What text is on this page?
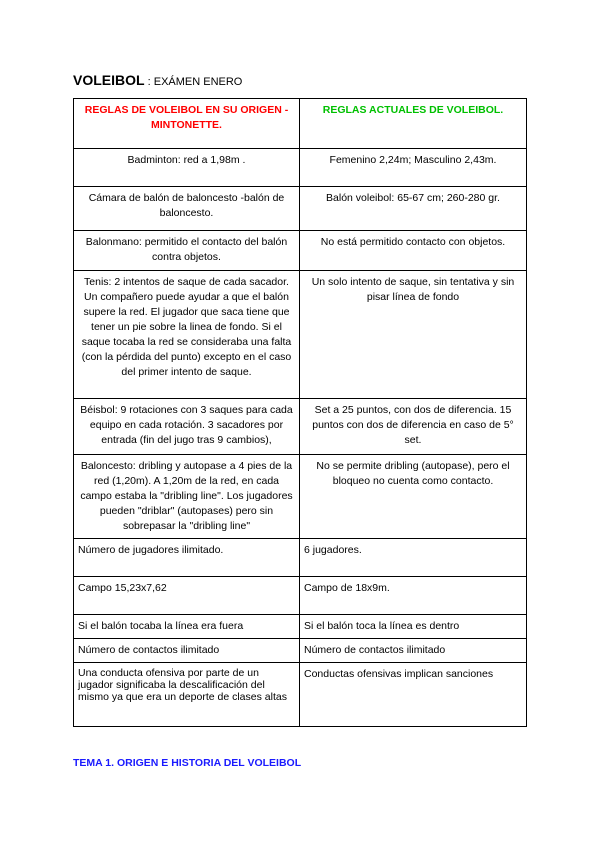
VOLEIBOL : EXÁMEN ENERO
REGLAS DE VOLEIBOL EN SU ORIGEN - MINTONETTE.	REGLAS ACTUALES DE VOLEIBOL.
Badminton: red a 1,98m .	Femenino 2,24m; Masculino 2,43m.
Cámara de balón de baloncesto -balón de baloncesto.	Balón voleibol: 65-67 cm; 260-280 gr.
Balonmano: permitido el contacto del balón contra objetos.	No está permitido contacto con objetos.
Tenis: 2 intentos de saque de cada sacador. Un compañero puede ayudar a que el balón supere la red. El jugador que saca tiene que tener un pie sobre la linea de fondo. Si el saque tocaba la red se consideraba una falta (con la pérdida del punto) excepto en el caso del primer intento de saque.	Un solo intento de saque, sin tentativa y sin pisar línea de fondo
Béisbol: 9 rotaciones con 3 saques para cada equipo en cada rotación. 3 sacadores por entrada (fin del jugo tras 9 cambios),	Set a 25 puntos, con dos de diferencia. 15 puntos con dos de diferencia en caso de 5° set.
Baloncesto: dribling y autopase a 4 pies de la red (1,20m). A 1,20m de la red, en cada campo estaba la "dribling line". Los jugadores pueden "driblar" (autopases) pero sin sobrepasar la "dribling line"	No se permite dribling (autopase), pero el bloqueo no cuenta como contacto.
Número de jugadores ilimitado.	6 jugadores.
Campo 15,23x7,62	Campo de 18x9m.
Si el balón tocaba la línea era fuera	Si el balón toca la línea es dentro
Número de contactos ilimitado	Número de contactos ilimitado
Una conducta ofensiva por parte de un jugador significaba la descalificación del mismo ya que era un deporte de clases altas	Conductas ofensivas implican sanciones
TEMA 1. ORIGEN E HISTORIA DEL VOLEIBOL
